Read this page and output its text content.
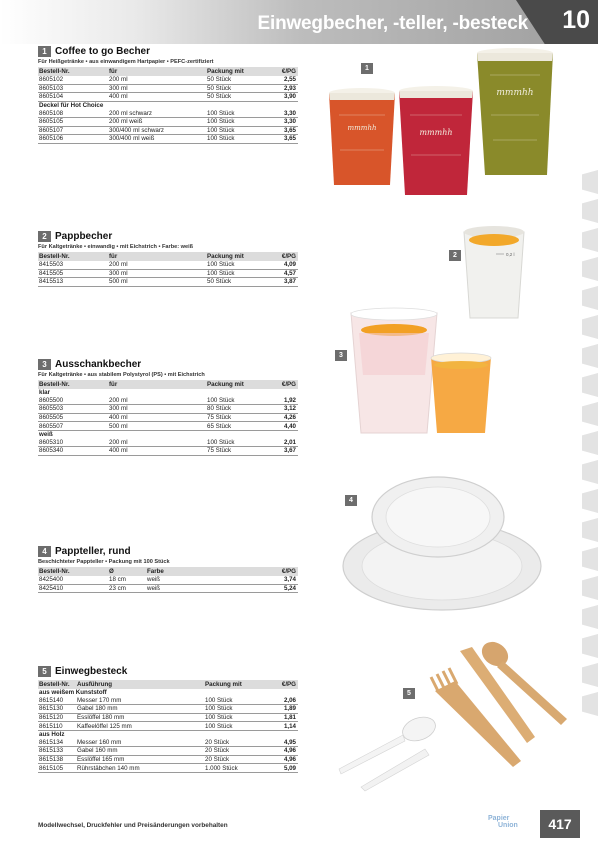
Einwegbecher, -teller, -besteck 10
1 Coffee to go Becher
Für Heißgetränke • aus einwandigem Hartpapier • PEFC-zertifiziert
Bestell-Nr.	für	Packung mit	€/PG
8605102	200 ml	50 Stück	2,55
8605103	300 ml	50 Stück	2,93
8605104	400 ml	50 Stück	3,90
Deckel für Hot Choice			
8605108	200 ml schwarz	100 Stück	3,30
8605105	200 ml weiß	100 Stück	3,30
8605107	300/400 ml schwarz	100 Stück	3,65
8605106	300/400 ml weiß	100 Stück	3,65
2 Pappbecher
Für Kaltgetränke • einwandig • mit Eichstrich • Farbe: weiß
Bestell-Nr.	für	Packung mit	€/PG
8415503	200 ml	100 Stück	4,09
8415505	300 ml	100 Stück	4,57
8415513	500 ml	50 Stück	3,87
3 Ausschankbecher
Für Kaltgetränke • aus stabilem Polystyrol (PS) • mit Eichstrich
Bestell-Nr.	für	Packung mit	€/PG
klar			
8605500	200 ml	100 Stück	1,92
8605503	300 ml	80 Stück	3,12
8605505	400 ml	75 Stück	4,26
8605507	500 ml	65 Stück	4,40
weiß			
8605310	200 ml	100 Stück	2,01
8605340	400 ml	75 Stück	3,67
4 Pappteller, rund
Beschichteter Pappteller • Packung mit 100 Stück
Bestell-Nr.	Ø	Farbe	€/PG
8425400	18 cm	weiß	3,74
8425410	23 cm	weiß	5,24
5 Einwegbesteck
Bestell-Nr.	Ausführung	Packung mit	€/PG
aus weißem Kunststoff			
8615140	Messer 170 mm	100 Stück	2,06
8615130	Gabel 180 mm	100 Stück	1,89
8615120	Esslöffel 180 mm	100 Stück	1,81
8615110	Kaffeelöffel 125 mm	100 Stück	1,14
aus Holz			
8615134	Messer 160 mm	20 Stück	4,95
8615133	Gabel 160 mm	20 Stück	4,96
8615138	Esslöffel 165 mm	20 Stück	4,96
8615105	Rührstäbchen 140 mm	1.000 Stück	5,09
1
mmmhh
mmmhh
mmmhh
2	0,2 l
3
4
5
Modellwechsel, Druckfehler und Preisänderungen vorbehalten
Papier
Union	417
